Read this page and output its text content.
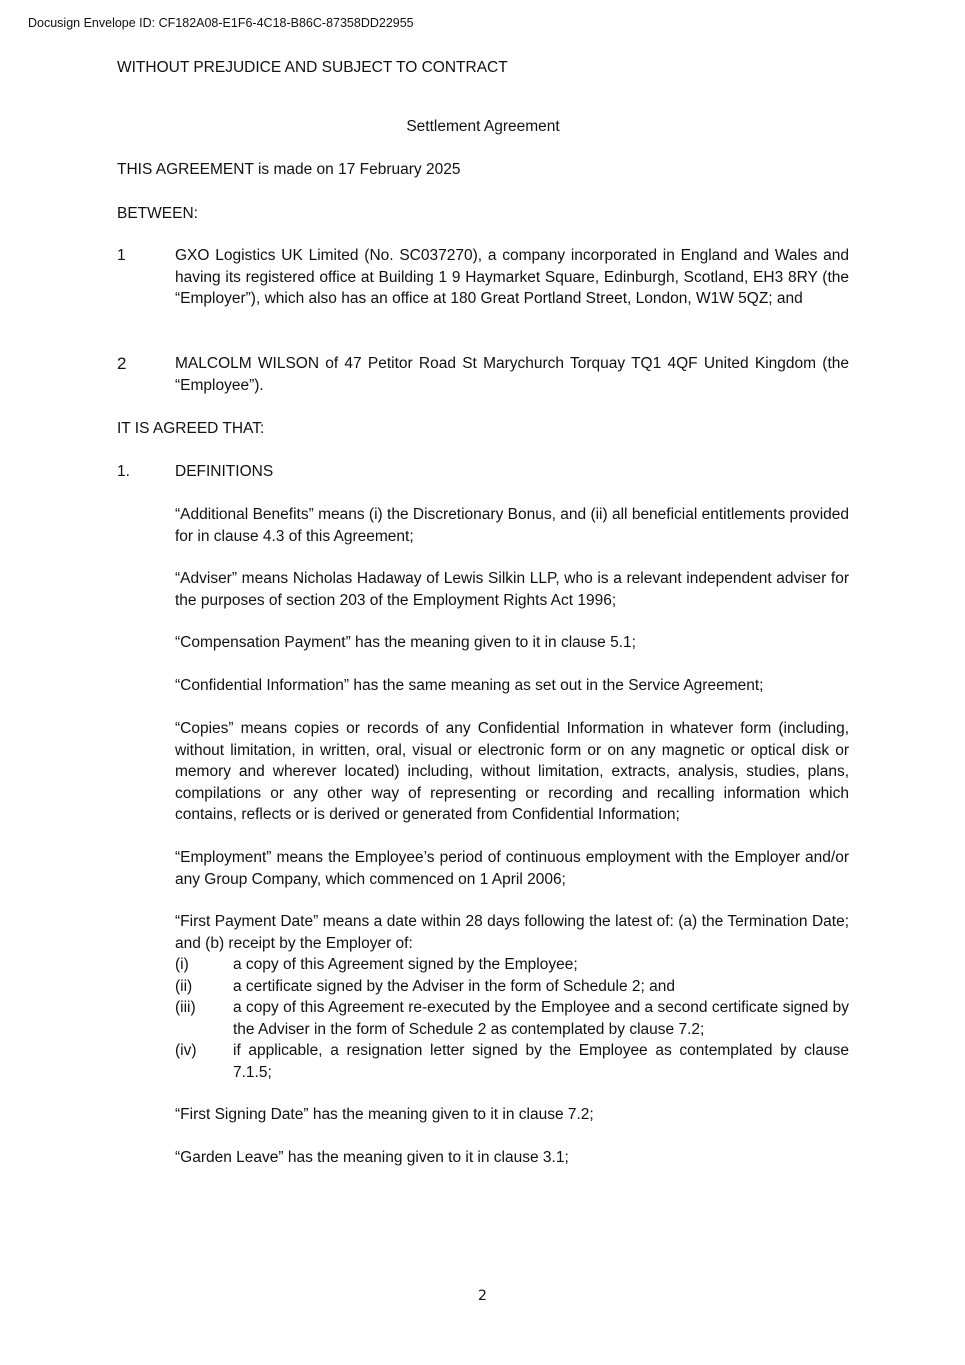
Docusign Envelope ID: CF182A08-E1F6-4C18-B86C-87358DD22955
WITHOUT PREJUDICE AND SUBJECT TO CONTRACT
Settlement Agreement
THIS AGREEMENT is made on 17 February 2025
BETWEEN:
1	GXO Logistics UK Limited (No. SC037270), a company incorporated in England and Wales and having its registered office at Building 1 9 Haymarket Square, Edinburgh, Scotland, EH3 8RY (the “Employer”), which also has an office at 180 Great Portland Street, London, W1W 5QZ; and
2	MALCOLM WILSON of 47 Petitor Road St Marychurch Torquay TQ1 4QF United Kingdom (the “Employee”).
IT IS AGREED THAT:
1.	DEFINITIONS
“Additional Benefits” means (i) the Discretionary Bonus, and (ii) all beneficial entitlements provided for in clause 4.3 of this Agreement;
“Adviser” means Nicholas Hadaway of Lewis Silkin LLP, who is a relevant independent adviser for the purposes of section 203 of the Employment Rights Act 1996;
“Compensation Payment” has the meaning given to it in clause 5.1;
“Confidential Information” has the same meaning as set out in the Service Agreement;
“Copies” means copies or records of any Confidential Information in whatever form (including, without limitation, in written, oral, visual or electronic form or on any magnetic or optical disk or memory and wherever located) including, without limitation, extracts, analysis, studies, plans, compilations or any other way of representing or recording and recalling information which contains, reflects or is derived or generated from Confidential Information;
“Employment” means the Employee’s period of continuous employment with the Employer and/or any Group Company, which commenced on 1 April 2006;
“First Payment Date” means a date within 28 days following the latest of: (a) the Termination Date; and (b) receipt by the Employer of:
(i)	a copy of this Agreement signed by the Employee;
(ii)	a certificate signed by the Adviser in the form of Schedule 2; and
(iii) a copy of this Agreement re-executed by the Employee and a second certificate signed by the Adviser in the form of Schedule 2 as contemplated by clause 7.2;
(iv) if applicable, a resignation letter signed by the Employee as contemplated by clause 7.1.5;
“First Signing Date” has the meaning given to it in clause 7.2;
“Garden Leave” has the meaning given to it in clause 3.1;
2
